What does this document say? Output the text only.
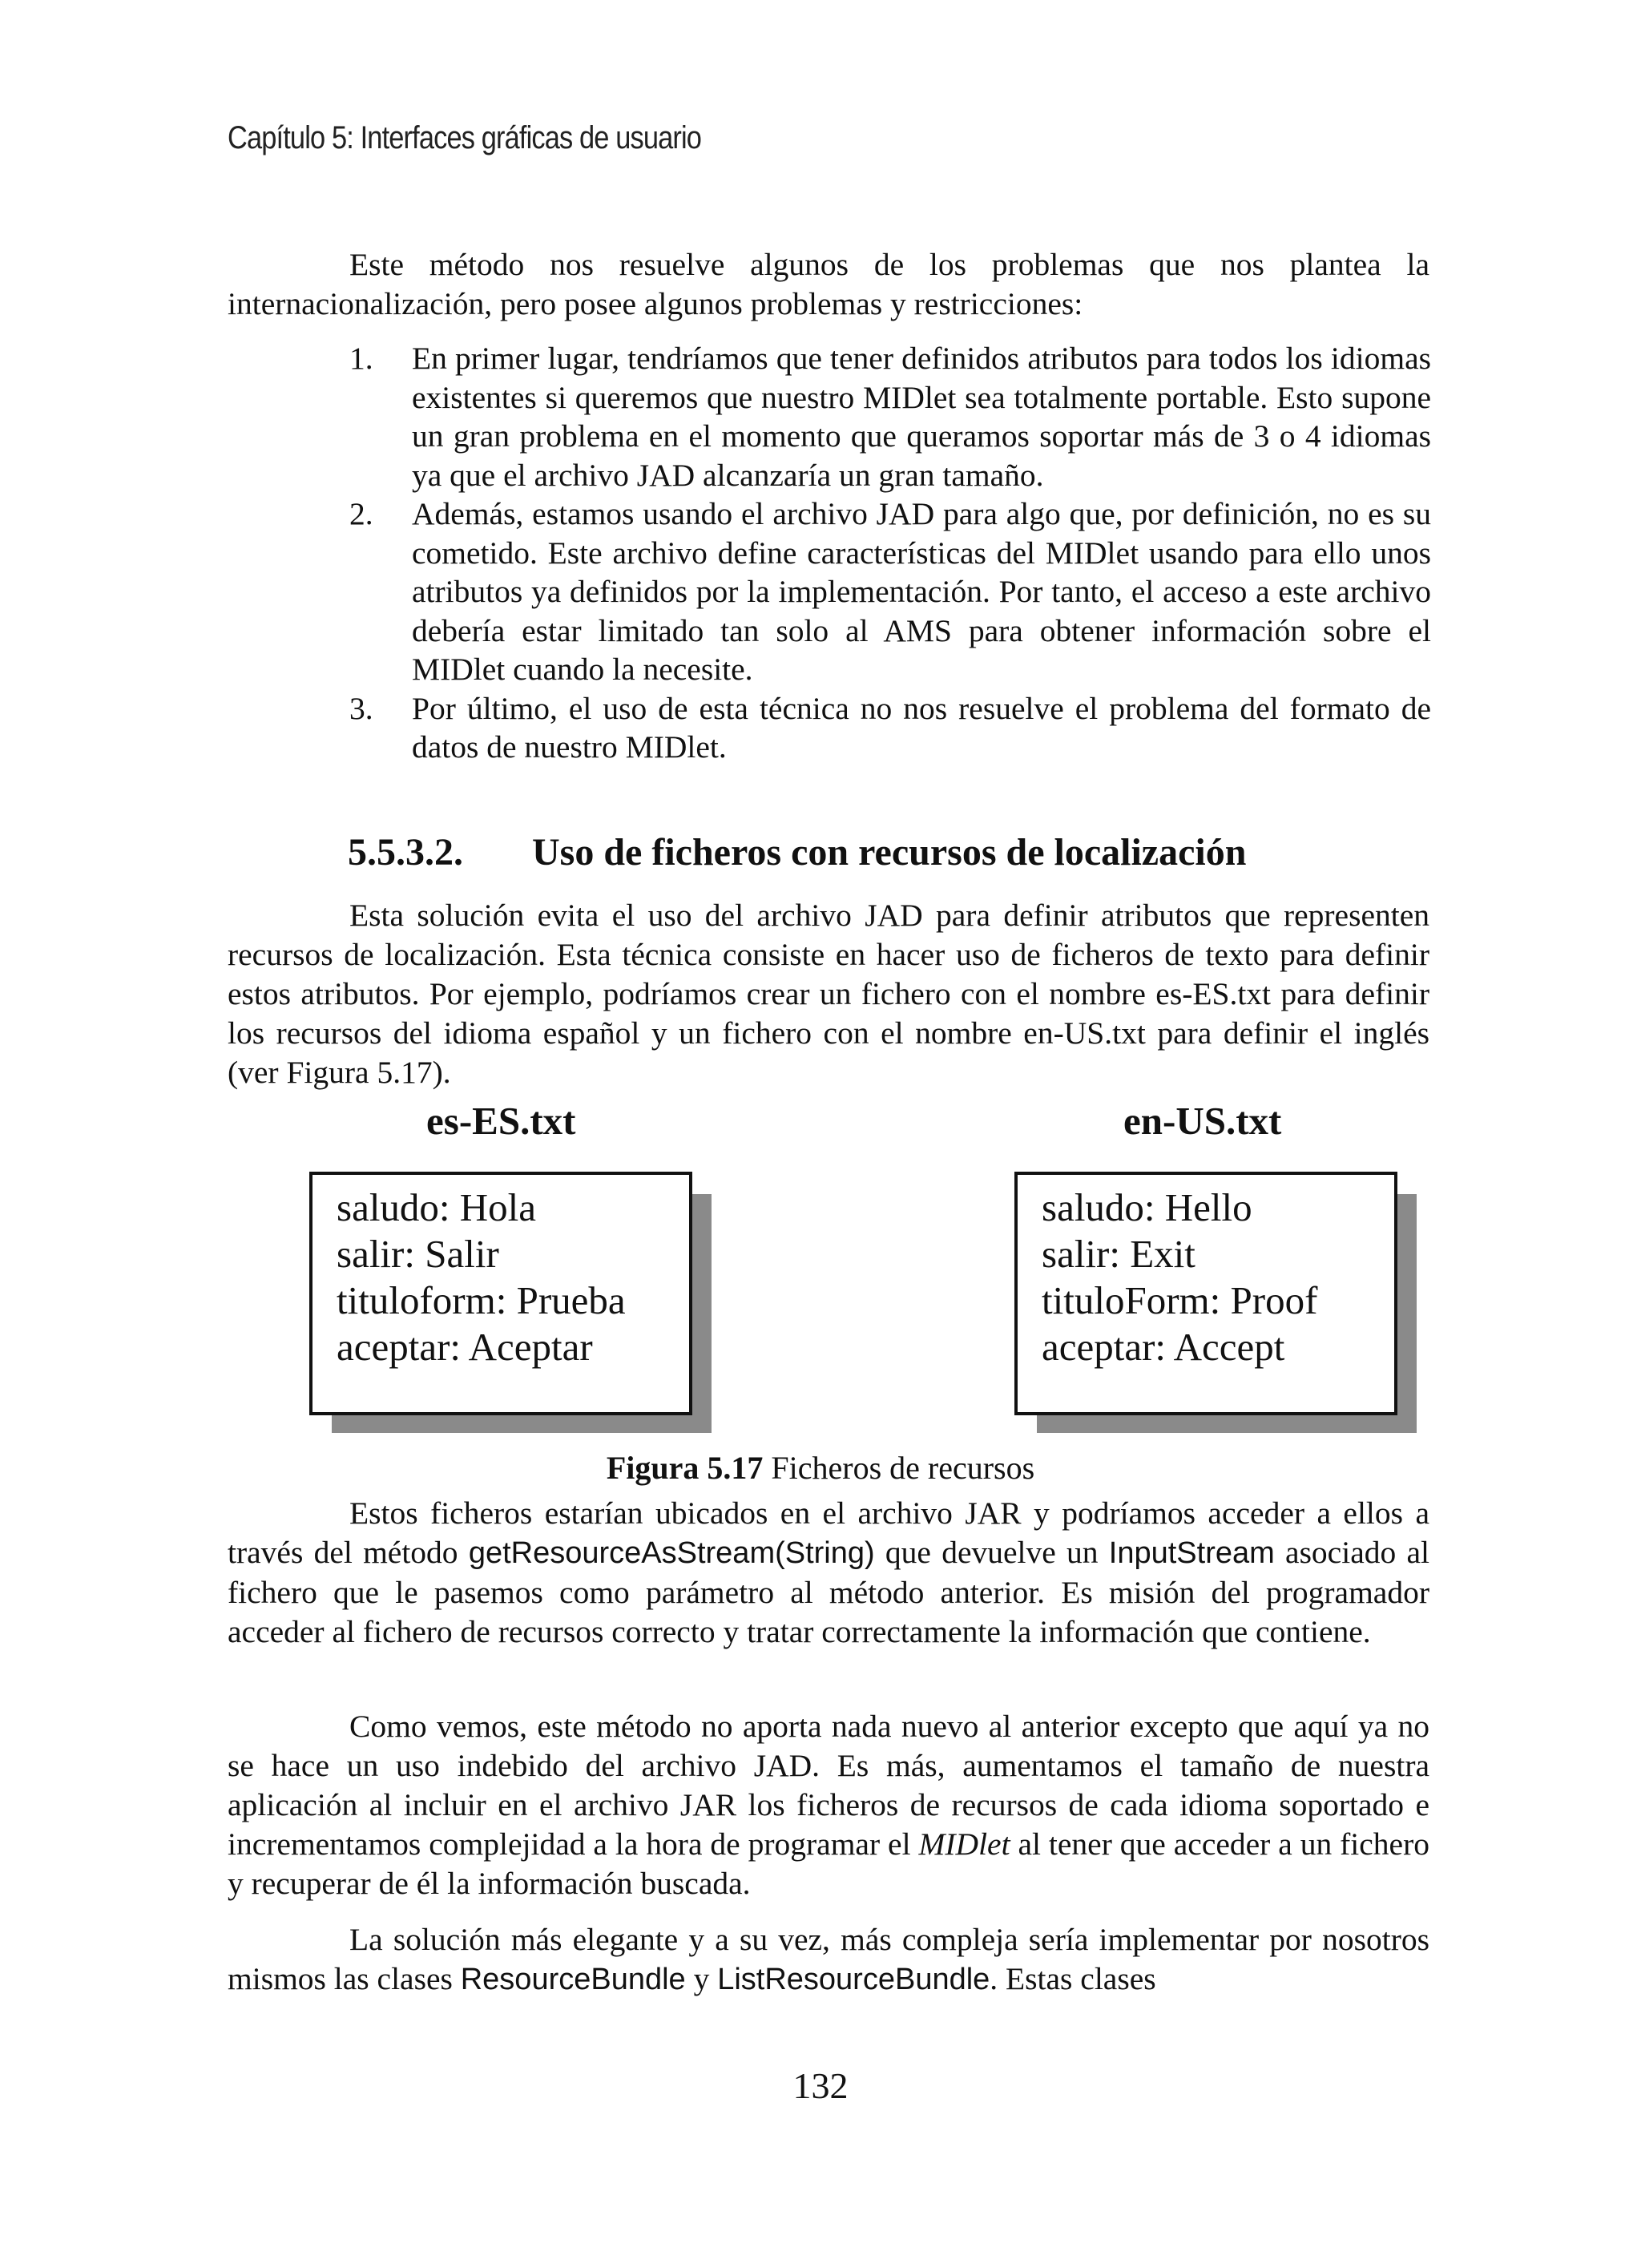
Capítulo 5: Interfaces gráficas de usuario

Este método nos resuelve algunos de los problemas que nos plantea la internacionalización, pero posee algunos problemas y restricciones:

1. En primer lugar, tendríamos que tener definidos atributos para todos los idiomas existentes si queremos que nuestro MIDlet sea totalmente portable. Esto supone un gran problema en el momento que queramos soportar más de 3 o 4 idiomas ya que el archivo JAD alcanzaría un gran tamaño.
2. Además, estamos usando el archivo JAD para algo que, por definición, no es su cometido. Este archivo define características del MIDlet usando para ello unos atributos ya definidos por la implementación. Por tanto, el acceso a este archivo debería estar limitado tan solo al AMS para obtener información sobre el MIDlet cuando la necesite.
3. Por último, el uso de esta técnica no nos resuelve el problema del formato de datos de nuestro MIDlet.
5.5.3.2. Uso de ficheros con recursos de localización

Esta solución evita el uso del archivo JAD para definir atributos que representen recursos de localización. Esta técnica consiste en hacer uso de ficheros de texto para definir estos atributos. Por ejemplo, podríamos crear un fichero con el nombre es-ES.txt para definir los recursos del idioma español y un fichero con el nombre en-US.txt para definir el inglés (ver Figura 5.17).

es-ES.txt	en-US.txt
saludo: Hola
salir: Salir
tituloform: Prueba
aceptar: Aceptar
saludo: Hello
salir: Exit
tituloForm: Proof
aceptar: Accept
Figura 5.17 Ficheros de recursos

Estos ficheros estarían ubicados en el archivo JAR y podríamos acceder a ellos a través del método getResourceAsStream(String) que devuelve un InputStream asociado al fichero que le pasemos como parámetro al método anterior. Es misión del programador acceder al fichero de recursos correcto y tratar correctamente la información que contiene.

Como vemos, este método no aporta nada nuevo al anterior excepto que aquí ya no se hace un uso indebido del archivo JAD. Es más, aumentamos el tamaño de nuestra aplicación al incluir en el archivo JAR los ficheros de recursos de cada idioma soportado e incrementamos complejidad a la hora de programar el MIDlet al tener que acceder a un fichero y recuperar de él la información buscada.

La solución más elegante y a su vez, más compleja sería implementar por nosotros mismos las clases ResourceBundle y ListResourceBundle. Estas clases

132
